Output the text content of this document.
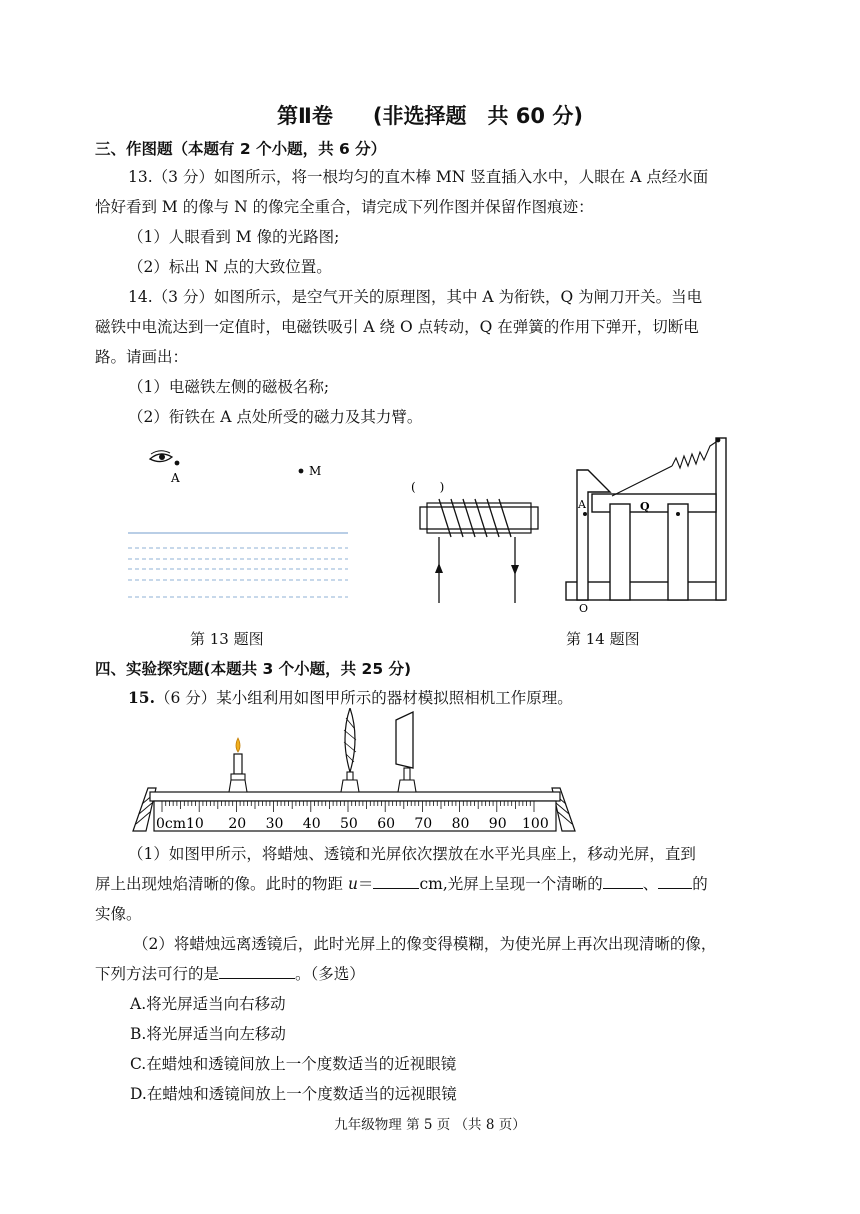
第Ⅱ卷 (非选择题　共 60 分)
三、作图题（本题有 2 个小题，共 6 分）
13.（3 分）如图所示，将一根均匀的直木棒 MN 竖直插入水中，人眼在 A 点经水面
恰好看到 M 的像与 N 的像完全重合，请完成下列作图并保留作图痕迹：
（1）人眼看到 M 像的光路图;
（2）标出 N 点的大致位置。
14.（3 分）如图所示，是空气开关的原理图，其中 A 为衔铁，Q 为闸刀开关。当电
磁铁中电流达到一定值时，电磁铁吸引 A 绕 O 点转动，Q 在弹簧的作用下弹开，切断电
路。请画出：
（1）电磁铁左侧的磁极名称;
（2）衔铁在 A 点处所受的磁力及其力臂。
A	M
第 13 题图
(　　)
A	Q
O
第 14 题图
四、实验探究题(本题共 3 个小题，共 25 分)
15.（6 分）某小组利用如图甲所示的器材模拟照相机工作原理。
0cm10 20 30 40 50 60 70 80 90 100
（1）如图甲所示，将蜡烛、透镜和光屏依次摆放在水平光具座上，移动光屏，直到
屏上出现烛焰清晰的像。此时的物距 u＝	cm,光屏上呈现一个清晰的	、 的
实像。
（2）将蜡烛远离透镜后，此时光屏上的像变得模糊，为使光屏上再次出现清晰的像，
下列方法可行的是	。（多选）
A.将光屏适当向右移动
B.将光屏适当向左移动
C.在蜡烛和透镜间放上一个度数适当的近视眼镜
D.在蜡烛和透镜间放上一个度数适当的远视眼镜
九年级物理 第 5 页 （共 8 页）
